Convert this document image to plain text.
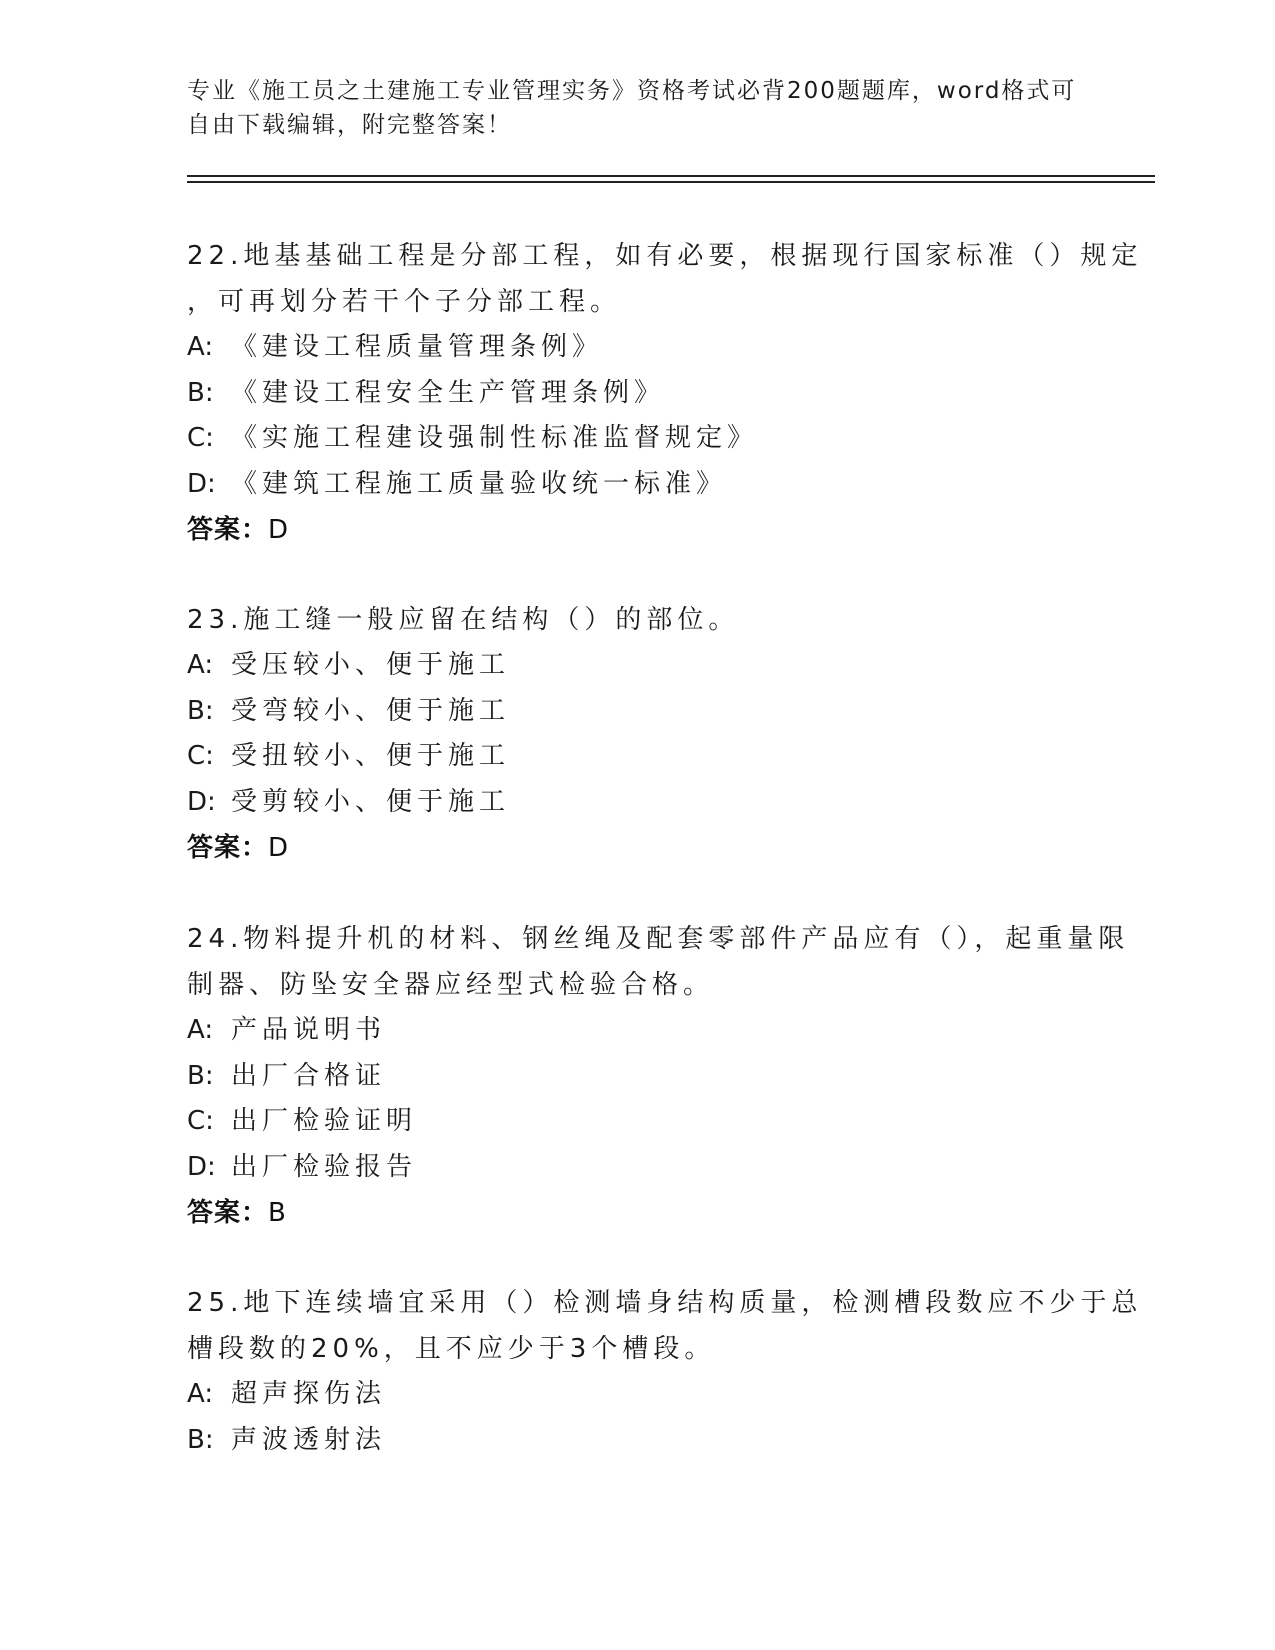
专业《施工员之土建施工专业管理实务》资格考试必背200题题库，word格式可
自由下载编辑，附完整答案！
22.地基基础工程是分部工程，如有必要，根据现行国家标准（）规定
，可再划分若干个子分部工程。
A: 《建设工程质量管理条例》
B: 《建设工程安全生产管理条例》
C: 《实施工程建设强制性标准监督规定》
D: 《建筑工程施工质量验收统一标准》
答案：D
23.施工缝一般应留在结构（）的部位。
A: 受压较小、便于施工
B: 受弯较小、便于施工
C: 受扭较小、便于施工
D: 受剪较小、便于施工
答案：D
24.物料提升机的材料、钢丝绳及配套零部件产品应有（），起重量限
制器、防坠安全器应经型式检验合格。
A: 产品说明书
B: 出厂合格证
C: 出厂检验证明
D: 出厂检验报告
答案：B
25.地下连续墙宜采用（）检测墙身结构质量，检测槽段数应不少于总
槽段数的20%，且不应少于3个槽段。
A: 超声探伤法
B: 声波透射法
